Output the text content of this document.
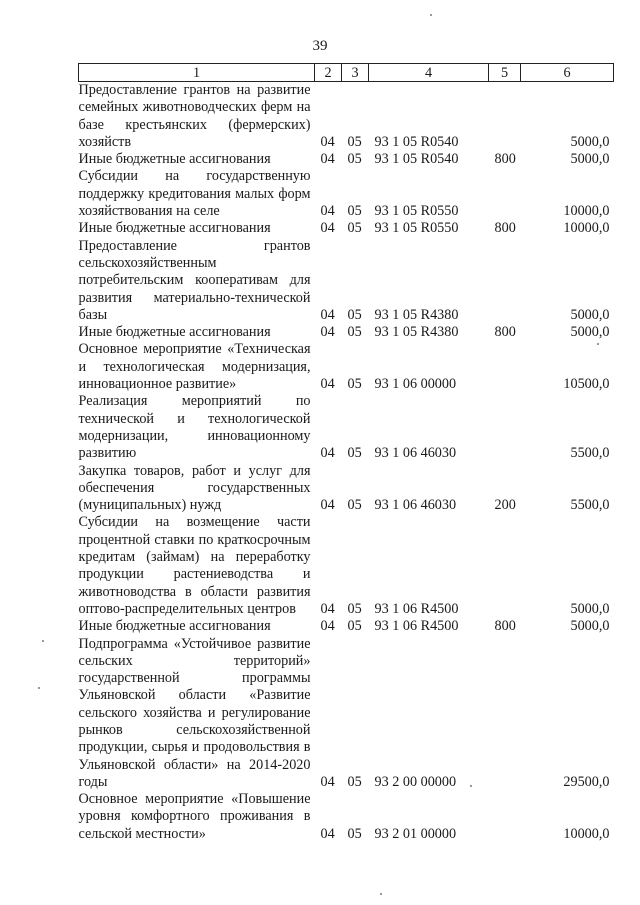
39
1	2	3	4	5	6
Предоставление грантов на развитие семейных животноводческих ферм на базе крестьянских (фермерских) хозяйств	04	05	93 1 05 R0540		5000,0
Иные бюджетные ассигнования	04	05	93 1 05 R0540	800	5000,0
Субсидии на государственную поддержку кредитования малых форм хозяйствования на селе	04	05	93 1 05 R0550		10000,0
Иные бюджетные ассигнования	04	05	93 1 05 R0550	800	10000,0
Предоставление грантов сельскохозяйственным потребительским кооперативам для развития материально-технической базы	04	05	93 1 05 R4380		5000,0
Иные бюджетные ассигнования	04	05	93 1 05 R4380	800	5000,0
Основное мероприятие «Техническая и технологическая модернизация, инновационное развитие»	04	05	93 1 06 00000		10500,0
Реализация мероприятий по технической и технологической модернизации, инновационному развитию	04	05	93 1 06 46030		5500,0
Закупка товаров, работ и услуг для обеспечения государственных (муниципальных) нужд	04	05	93 1 06 46030	200	5500,0
Субсидии на возмещение части процентной ставки по краткосрочным кредитам (займам) на переработку продукции растениеводства и животноводства в области развития оптово-распределительных центров	04	05	93 1 06 R4500		5000,0
Иные бюджетные ассигнования	04	05	93 1 06 R4500	800	5000,0
Подпрограмма «Устойчивое развитие сельских территорий» государственной программы Ульяновской области «Развитие сельского хозяйства и регулирование рынков сельскохозяйственной продукции, сырья и продовольствия в Ульяновской области» на 2014-2020 годы	04	05	93 2 00 00000		29500,0
Основное мероприятие «Повышение уровня комфортного проживания в сельской местности»	04	05	93 2 01 00000		10000,0
